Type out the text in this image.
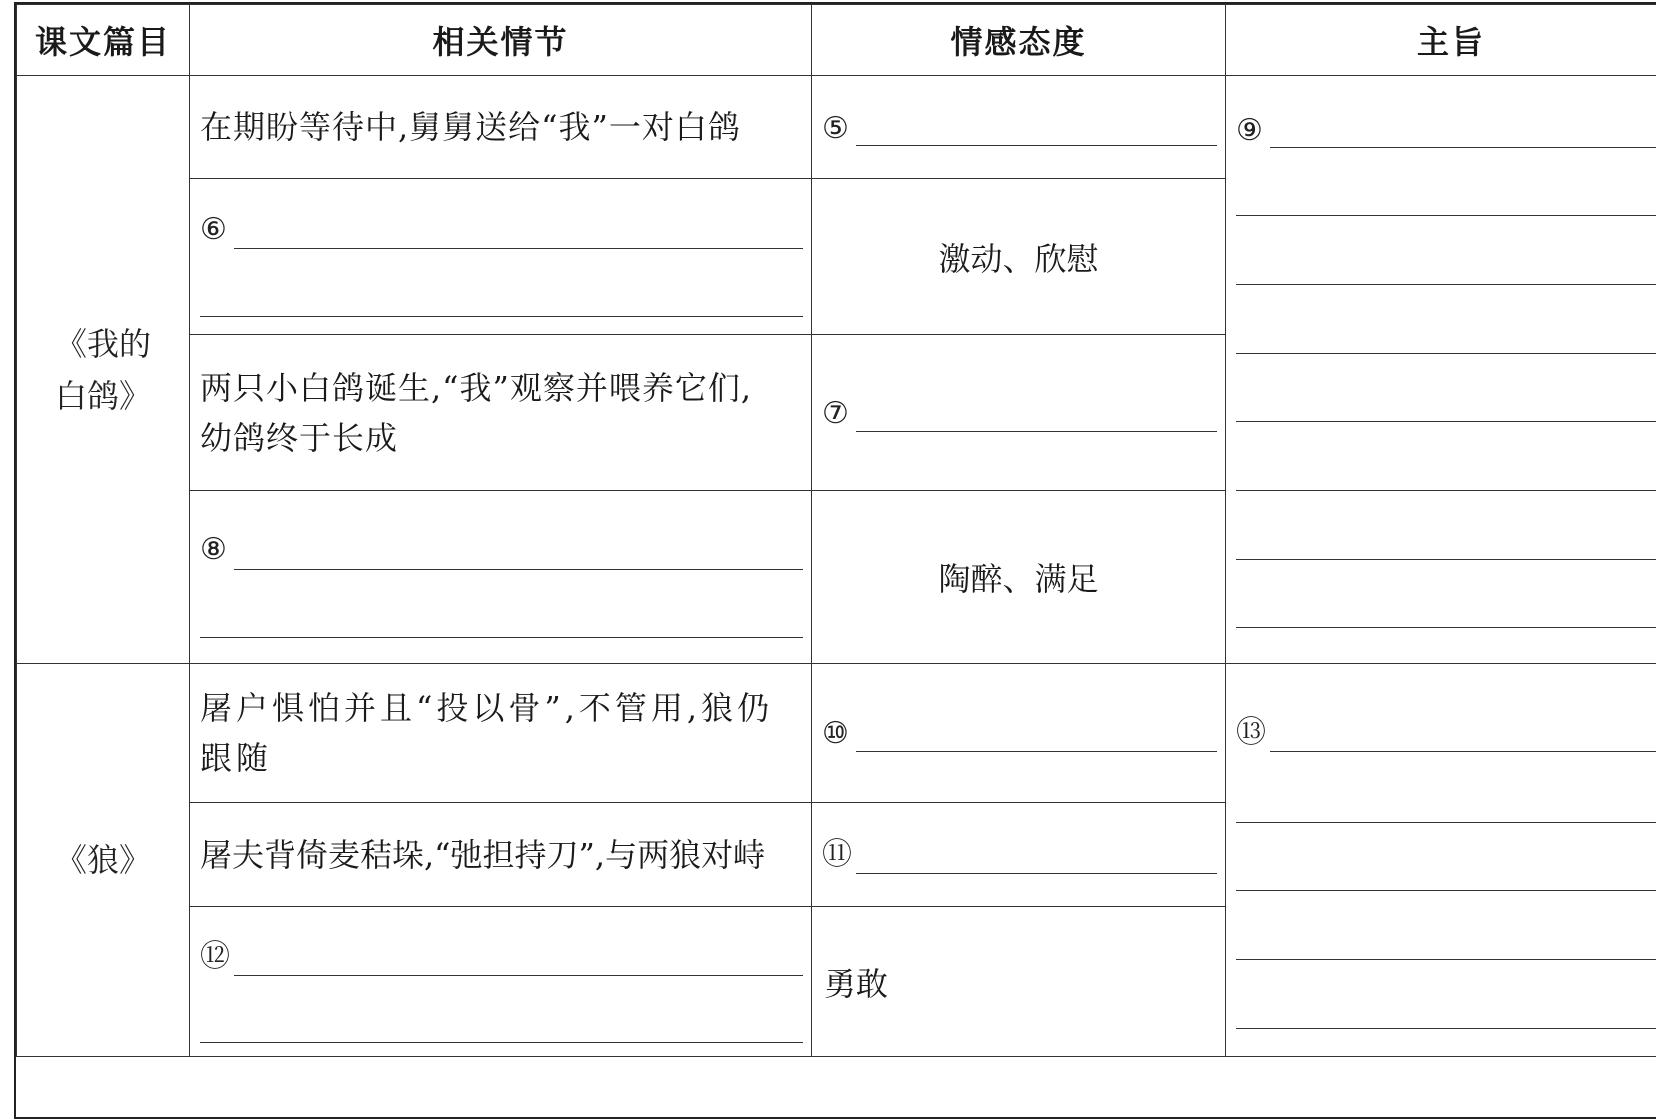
课文篇目	相关情节	情感态度	主旨

《我的
白鸽》	在期盼等待中,舅舅送给“我”一对白鸽	⑤	⑨

	⑥	激动、欣慰	

	两只小白鸽诞生,“我”观察并喂养它们,
幼鸽终于长成	⑦	

	⑧	陶醉、满足	

《狼》	屠户惧怕并且“投以骨”,不管用,狼仍
跟随	⑩	⑬

	屠夫背倚麦秸垛,“弛担持刀”,与两狼对峙	⑪	

	⑫	勇敢	
